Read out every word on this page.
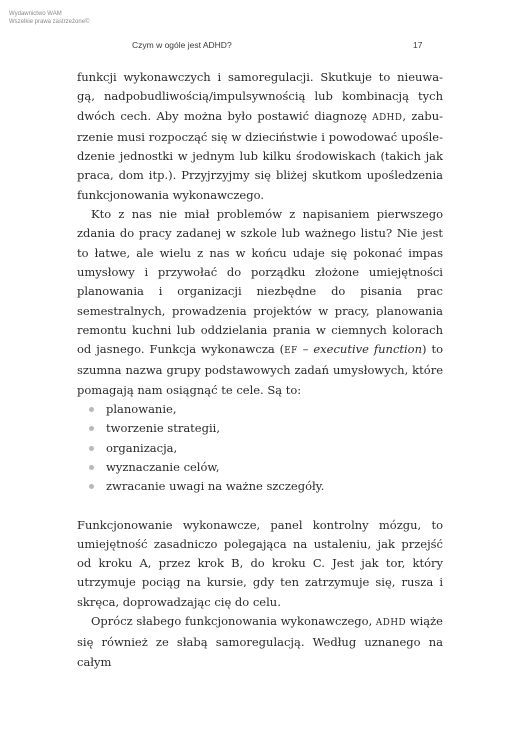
Wydawnictwo WAM
Wszelkie prawa zastrzeżone©
Czym w ogóle jest ADHD?	17

funkcji wykonawczych i samoregulacji. Skutkuje to nieuwa- gą, nadpobudliwością/impulsywnością lub kombinacją tych dwóch cech. Aby można było postawić diagnozę ADHD, zabu- rzenie musi rozpocząć się w dzieciństwie i powodować upośle- dzenie jednostki w jednym lub kilku środowiskach (takich jak praca, dom itp.). Przyjrzyjmy się bliżej skutkom upośledzenia funkcjonowania wykonawczego.

Kto z nas nie miał problemów z napisaniem pierwszego zdania do pracy zadanej w szkole lub ważnego listu? Nie jest to łatwe, ale wielu z nas w końcu udaje się pokonać impas umysłowy i przywołać do porządku złożone umiejętności planowania i organizacji niezbędne do pisania prac semestralnych, prowadzenia projektów w pracy, planowania remontu kuchni lub oddzielania prania w ciemnych kolorach od jasnego. Funkcja wykonawcza (EF – executive function) to szumna nazwa grupy podstawowych zadań umysłowych, które pomagają nam osiągnąć te cele. Są to:

planowanie,
tworzenie strategii,
organizacja,
wyznaczanie celów,
zwracanie uwagi na ważne szczegóły.

Funkcjonowanie wykonawcze, panel kontrolny mózgu, to umiejętność zasadniczo polegająca na ustaleniu, jak przejść od kroku A, przez krok B, do kroku C. Jest jak tor, który utrzymuje pociąg na kursie, gdy ten zatrzymuje się, rusza i skręca, doprowadzając cię do celu.

Oprócz słabego funkcjonowania wykonawczego, ADHD wiąże się również ze słabą samoregulacją. Według uznanego na całym
